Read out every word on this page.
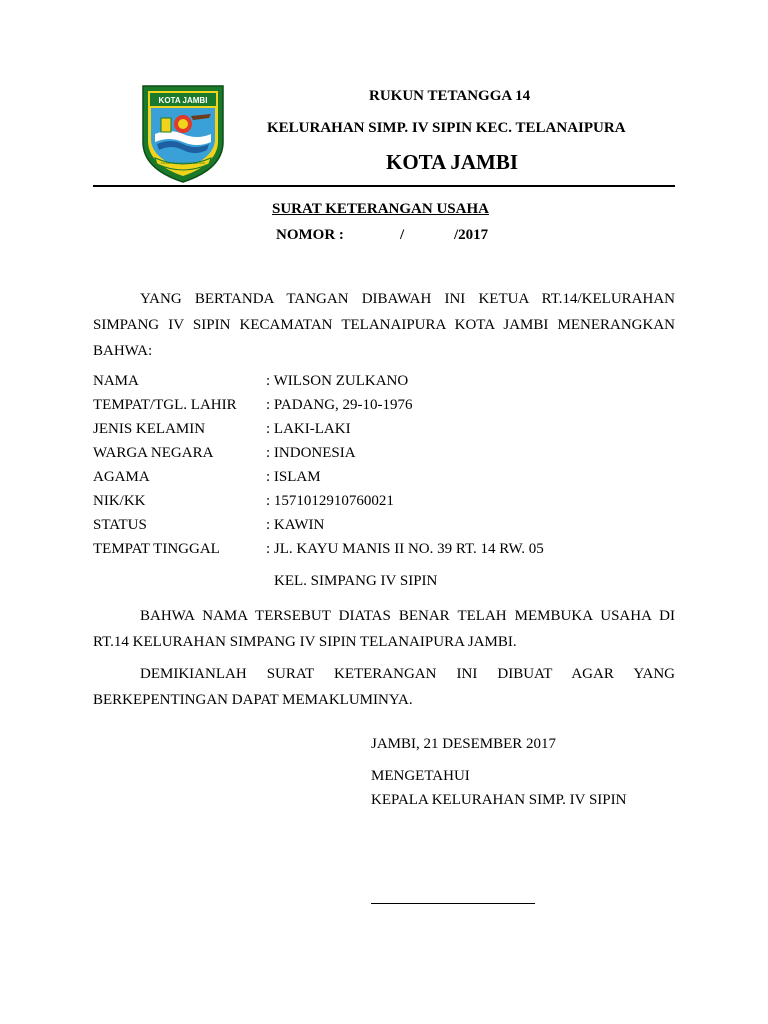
KOTA JAMBI
TANAH PILIH PESAKO BETUAH
RUKUN TETANGGA 14
KELURAHAN SIMP. IV SIPIN KEC. TELANAIPURA
KOTA JAMBI
SURAT KETERANGAN USAHA
NOMOR :	/	/2017
YANG BERTANDA TANGAN DIBAWAH INI KETUA RT.14/KELURAHAN SIMPANG IV SIPIN KECAMATAN TELANAIPURA KOTA JAMBI MENERANGKAN BAHWA:
NAMA	: WILSON ZULKANO
TEMPAT/TGL. LAHIR : PADANG, 29-10-1976
JENIS KELAMIN	: LAKI-LAKI
WARGA NEGARA	: INDONESIA
AGAMA	: ISLAM
NIK/KK	: 1571012910760021
STATUS	: KAWIN
TEMPAT TINGGAL	: JL. KAYU MANIS II NO. 39 RT. 14 RW. 05
KEL. SIMPANG IV SIPIN
BAHWA NAMA TERSEBUT DIATAS BENAR TELAH MEMBUKA USAHA DI RT.14 KELURAHAN SIMPANG IV SIPIN TELANAIPURA JAMBI.
DEMIKIANLAH SURAT KETERANGAN INI DIBUAT AGAR YANG BERKEPENTINGAN DAPAT MEMAKLUMINYA.
JAMBI, 21 DESEMBER 2017
MENGETAHUI
KEPALA KELURAHAN SIMP. IV SIPIN
